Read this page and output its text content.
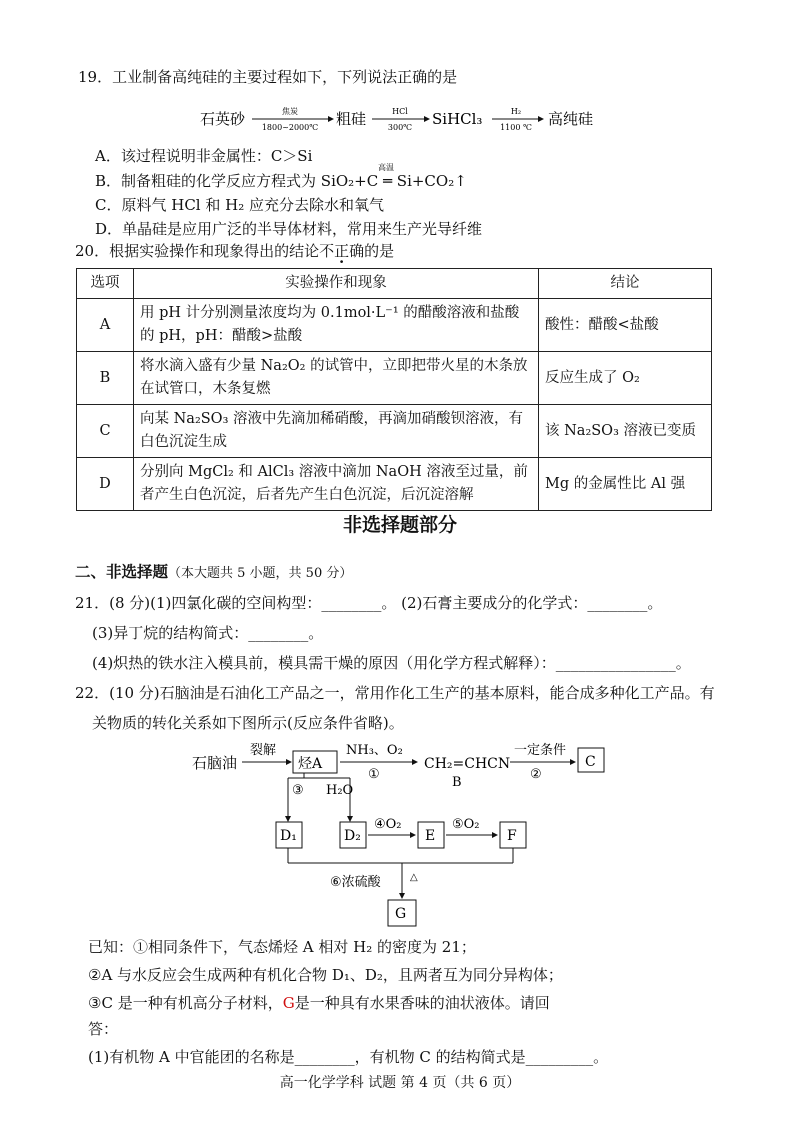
19．工业制备高纯硅的主要过程如下，下列说法正确的是
石英砂	焦炭
1800~2000℃ 粗硅	HCl
300℃ SiHCl₃	H₂
1100 ℃ 高纯硅
A．该过程说明非金属性：C＞Si
高温
B．制备粗硅的化学反应方程式为 SiO₂+C ═ Si+CO₂↑
C．原料气 HCl 和 H₂ 应充分去除水和氧气
D．单晶硅是应用广泛的半导体材料，常用来生产光导纤维
20．根据实验操作和现象得出的结论不正确的是
选项	实验操作和现象	结论
A	用 pH 计分别测量浓度均为 0.1mol·L⁻¹ 的醋酸溶液和盐酸的 pH，pH：醋酸>盐酸	酸性：醋酸<盐酸
B	将水滴入盛有少量 Na₂O₂ 的试管中，立即把带火星的木条放在试管口，木条复燃	反应生成了 O₂
C	向某 Na₂SO₃ 溶液中先滴加稀硝酸，再滴加硝酸钡溶液，有白色沉淀生成	该 Na₂SO₃ 溶液已变质
D	分别向 MgCl₂ 和 AlCl₃ 溶液中滴加 NaOH 溶液至过量，前者产生白色沉淀，后者先产生白色沉淀，后沉淀溶解	Mg 的金属性比 Al 强
非选择题部分
二、非选择题（本大题共 5 小题，共 50 分）
21．(8 分)(1)四氯化碳的空间构型：________。 (2)石膏主要成分的化学式：________。
(3)异丁烷的结构简式：________。
(4)炽热的铁水注入模具前，模具需干燥的原因（用化学方程式解释）：________________。
22．(10 分)石脑油是石油化工产品之一，常用作化工生产的基本原料，能合成多种化工产品。有
关物质的转化关系如下图所示(反应条件省略)。
石脑油
裂解
烃A
NH₃、O₂
①
CH₂=CHCN
B
一定条件
②
C
③ H₂O
D₁	D₂
④O₂
E
⑤O₂
F
⑥浓硫酸	△
G
已知：①相同条件下，气态烯烃 A 相对 H₂ 的密度为 21；
②A 与水反应会生成两种有机化合物 D₁、D₂，且两者互为同分异构体；
③C 是一种有机高分子材料，G是一种具有水果香味的油状液体。请回
答：
(1)有机物 A 中官能团的名称是________，有机物 C 的结构简式是_________。
高一化学学科 试题 第 4 页（共 6 页）
